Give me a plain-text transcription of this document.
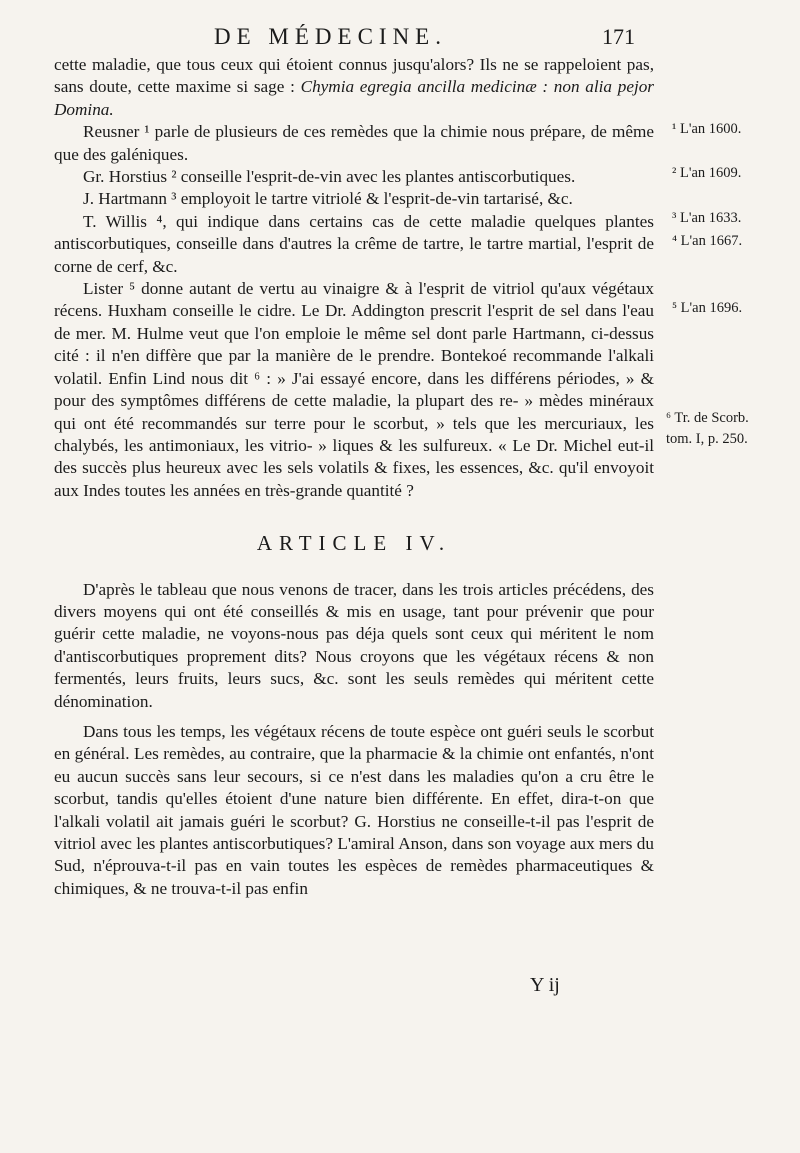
DE MÉDECINE.	171

cette maladie, que tous ceux qui étoient connus jusqu'alors? Ils ne se rappeloient pas, sans doute, cette maxime si sage : Chymia egregia ancilla medicinæ : non alia pejor Domina.

Reusner ¹ parle de plusieurs de ces remèdes que la chimie nous prépare, de même que des galéniques.

Gr. Horstius ² conseille l'esprit-de-vin avec les plantes antiscorbutiques.

J. Hartmann ³ employoit le tartre vitriolé & l'esprit-de-vin tartarisé, &c.

T. Willis ⁴, qui indique dans certains cas de cette maladie quelques plantes antiscorbutiques, conseille dans d'autres la crême de tartre, le tartre martial, l'esprit de corne de cerf, &c.

Lister ⁵ donne autant de vertu au vinaigre & à l'esprit de vitriol qu'aux végétaux récens. Huxham conseille le cidre. Le Dr. Addington prescrit l'esprit de sel dans l'eau de mer. M. Hulme veut que l'on emploie le même sel dont parle Hartmann, ci-dessus cité : il n'en diffère que par la manière de le prendre. Bontekoé recommande l'alkali volatil. Enfin Lind nous dit ⁶ : » J'ai essayé encore, dans les différens périodes, » & pour des symptômes différens de cette maladie, la plupart des re- » mèdes minéraux qui ont été recommandés sur terre pour le scorbut, » tels que les mercuriaux, les chalybés, les antimoniaux, les vitrio- » liques & les sulfureux. « Le Dr. Michel eut-il des succès plus heureux avec les sels volatils & fixes, les essences, &c. qu'il envoyoit aux Indes toutes les années en très-grande quantité ?

ARTICLE IV.

D'après le tableau que nous venons de tracer, dans les trois articles précédens, des divers moyens qui ont été conseillés & mis en usage, tant pour prévenir que pour guérir cette maladie, ne voyons-nous pas déja quels sont ceux qui méritent le nom d'antiscorbutiques proprement dits? Nous croyons que les végétaux récens & non fermentés, leurs fruits, leurs sucs, &c. sont les seuls remèdes qui méritent cette dénomination.

Dans tous les temps, les végétaux récens de toute espèce ont guéri seuls le scorbut en général. Les remèdes, au contraire, que la pharmacie & la chimie ont enfantés, n'ont eu aucun succès sans leur secours, si ce n'est dans les maladies qu'on a cru être le scorbut, tandis qu'elles étoient d'une nature bien différente. En effet, dira-t-on que l'alkali volatil ait jamais guéri le scorbut? G. Horstius ne conseille-t-il pas l'esprit de vitriol avec les plantes antiscorbutiques? L'amiral Anson, dans son voyage aux mers du Sud, n'éprouva-t-il pas en vain toutes les espèces de remèdes pharmaceutiques & chimiques, & ne trouva-t-il pas enfin

¹ L'an 1600.
² L'an 1609.
³ L'an 1633.
⁴ L'an 1667.
⁵ L'an 1696.
⁶ Tr. de Scorb.
tom. I, p. 250.
Y ij
